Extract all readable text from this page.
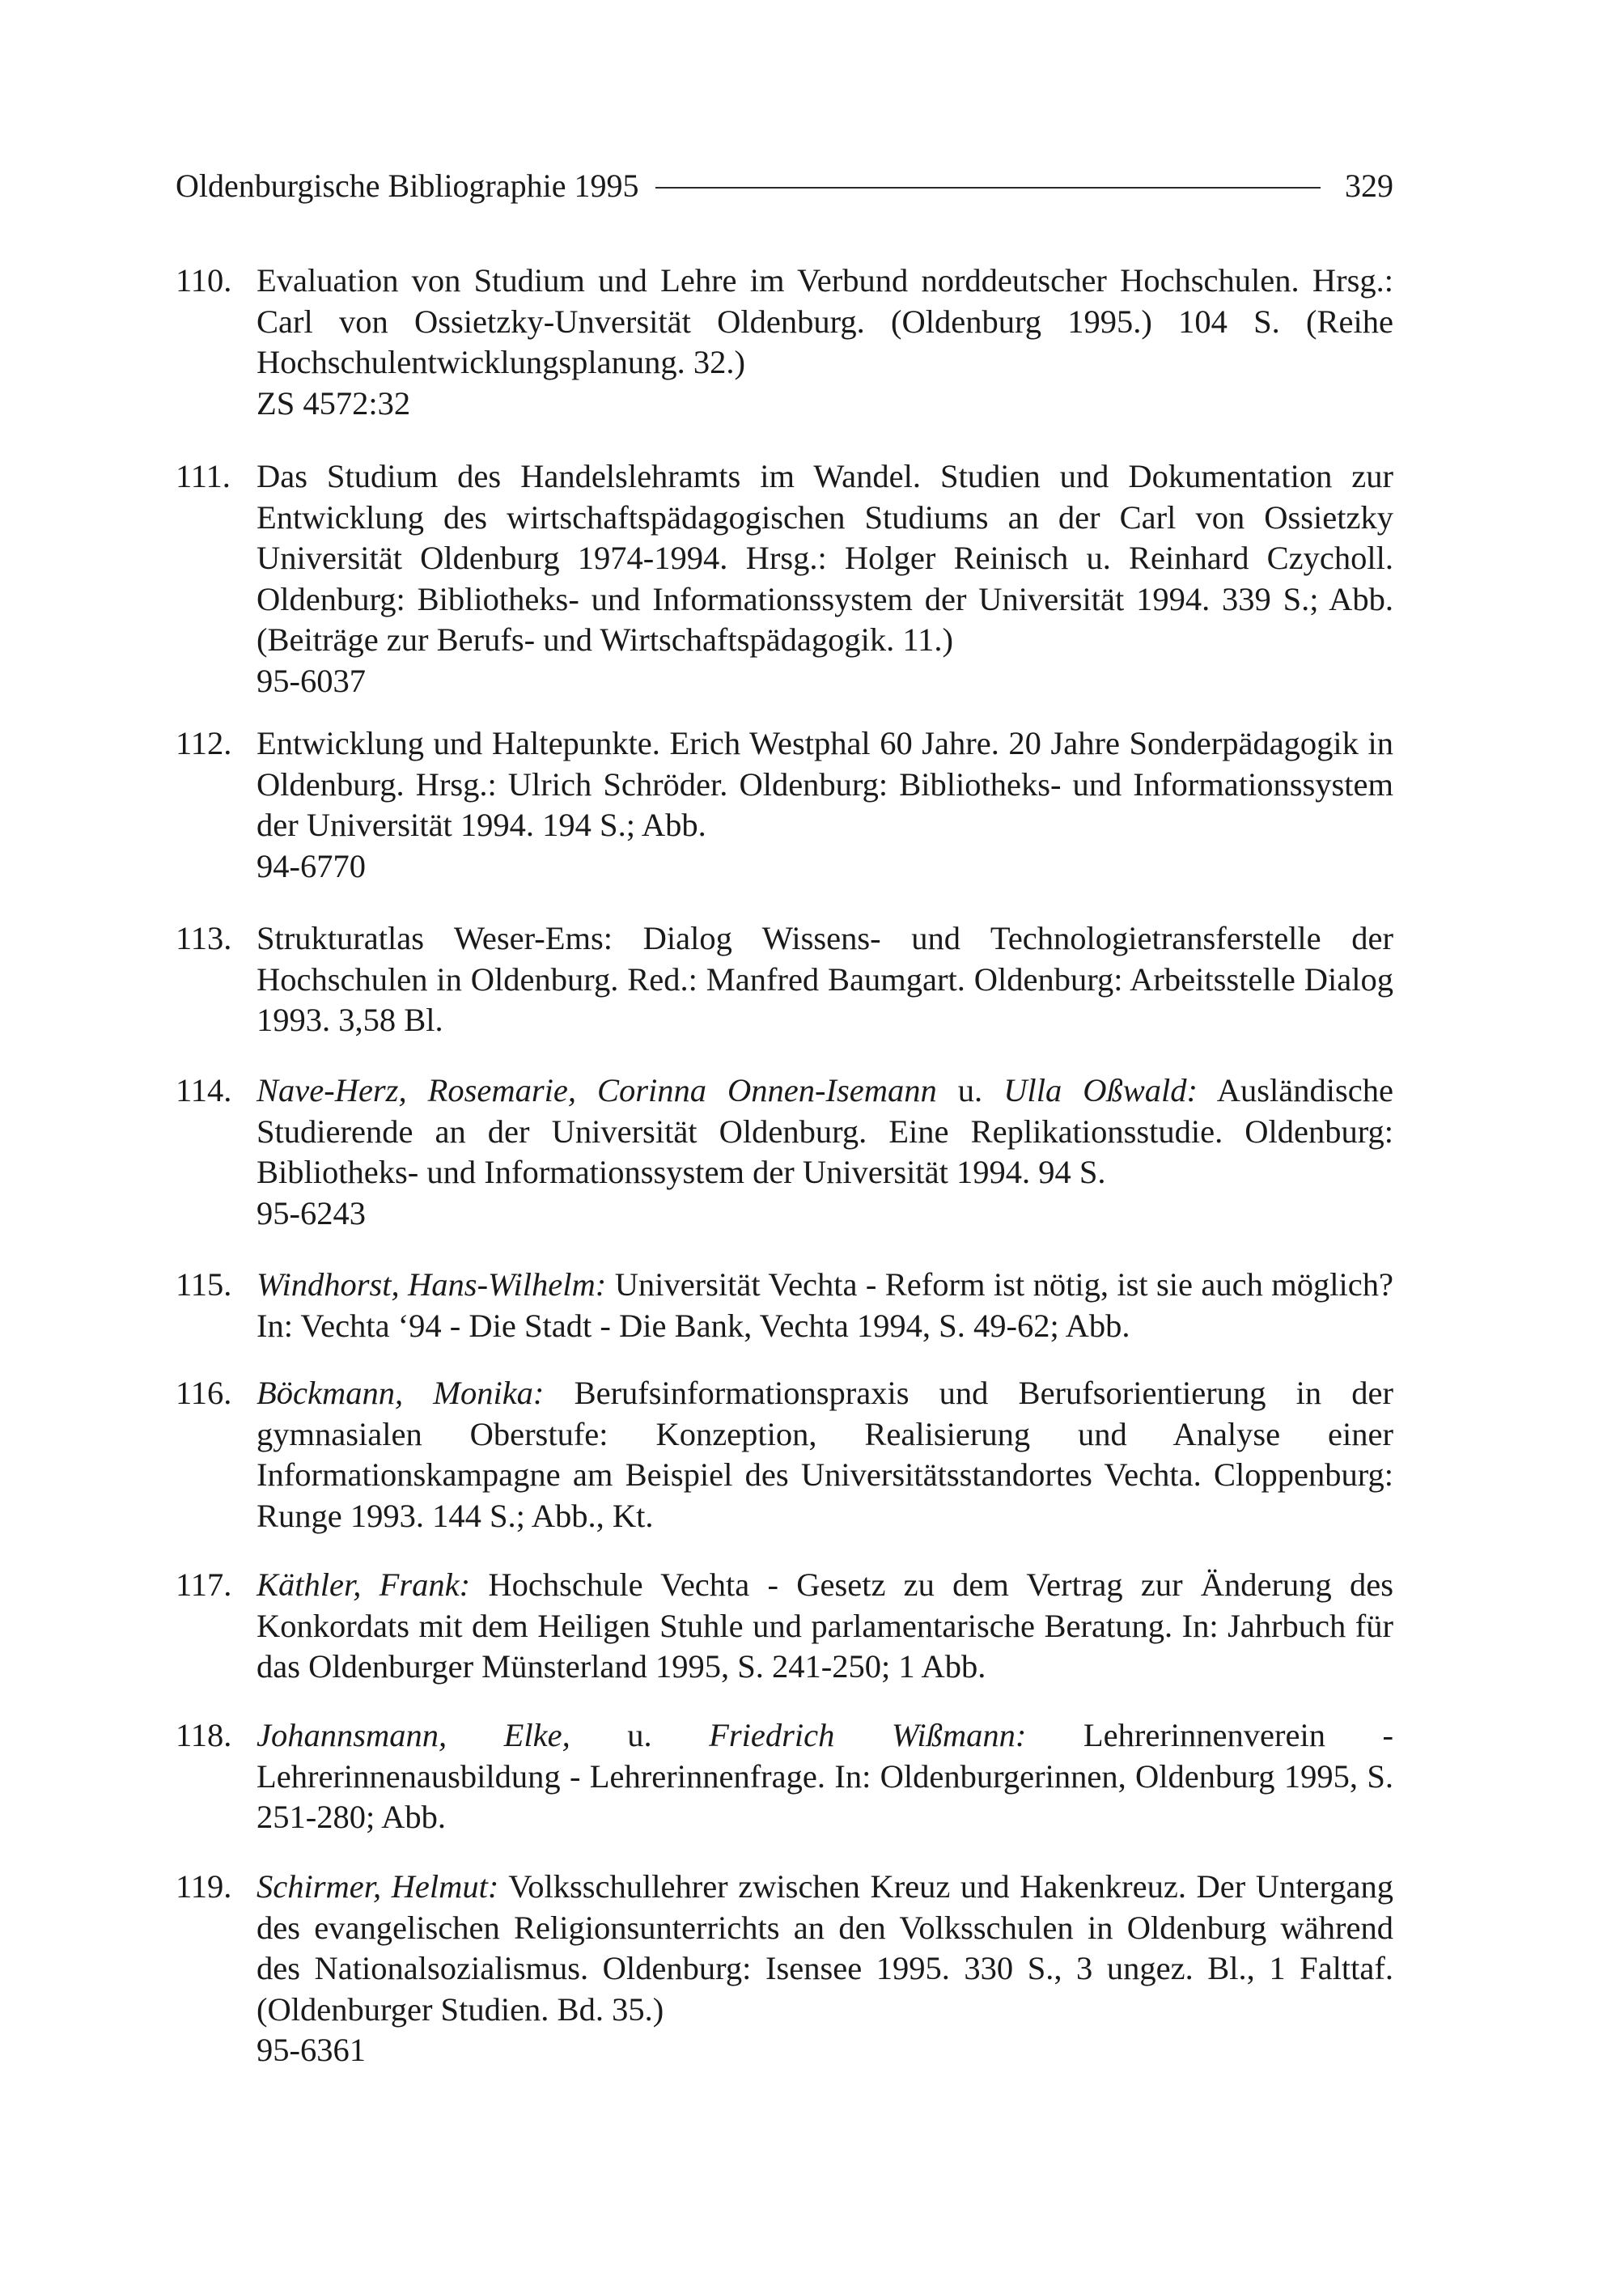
Oldenburgische Bibliographie 1995	329
110. Evaluation von Studium und Lehre im Verbund norddeutscher Hochschulen. Hrsg.: Carl von Ossietzky-Unversität Oldenburg. (Oldenburg 1995.) 104 S. (Reihe Hochschulentwicklungsplanung. 32.)
ZS 4572:32
111. Das Studium des Handelslehramts im Wandel. Studien und Dokumentation zur Entwicklung des wirtschaftspädagogischen Studiums an der Carl von Ossietzky Universität Oldenburg 1974-1994. Hrsg.: Holger Reinisch u. Reinhard Czycholl. Oldenburg: Bibliotheks- und Informationssystem der Universität 1994. 339 S.; Abb. (Beiträge zur Berufs- und Wirtschaftspädagogik. 11.)
95-6037
112. Entwicklung und Haltepunkte. Erich Westphal 60 Jahre. 20 Jahre Sonderpädagogik in Oldenburg. Hrsg.: Ulrich Schröder. Oldenburg: Bibliotheks- und Informationssystem der Universität 1994. 194 S.; Abb.
94-6770
113. Strukturatlas Weser-Ems: Dialog Wissens- und Technologietransferstelle der Hochschulen in Oldenburg. Red.: Manfred Baumgart. Oldenburg: Arbeitsstelle Dialog 1993. 3,58 Bl.
114. Nave-Herz, Rosemarie, Corinna Onnen-Isemann u. Ulla Oßwald: Ausländische Studierende an der Universität Oldenburg. Eine Replikationsstudie. Oldenburg: Bibliotheks- und Informationssystem der Universität 1994. 94 S.
95-6243
115. Windhorst, Hans-Wilhelm: Universität Vechta - Reform ist nötig, ist sie auch möglich? In: Vechta ‘94 - Die Stadt - Die Bank, Vechta 1994, S. 49-62; Abb.
116. Böckmann, Monika: Berufsinformationspraxis und Berufsorientierung in der gymnasialen Oberstufe: Konzeption, Realisierung und Analyse einer Informationskampagne am Beispiel des Universitätsstandortes Vechta. Cloppenburg: Runge 1993. 144 S.; Abb., Kt.
117. Käthler, Frank: Hochschule Vechta - Gesetz zu dem Vertrag zur Änderung des Konkordats mit dem Heiligen Stuhle und parlamentarische Beratung. In: Jahrbuch für das Oldenburger Münsterland 1995, S. 241-250; 1 Abb.
118. Johannsmann, Elke, u. Friedrich Wißmann: Lehrerinnenverein - Lehrerinnenausbildung - Lehrerinnenfrage. In: Oldenburgerinnen, Oldenburg 1995, S. 251-280; Abb.
119. Schirmer, Helmut: Volksschullehrer zwischen Kreuz und Hakenkreuz. Der Untergang des evangelischen Religionsunterrichts an den Volksschulen in Oldenburg während des Nationalsozialismus. Oldenburg: Isensee 1995. 330 S., 3 ungez. Bl., 1 Falttaf. (Oldenburger Studien. Bd. 35.)
95-6361
